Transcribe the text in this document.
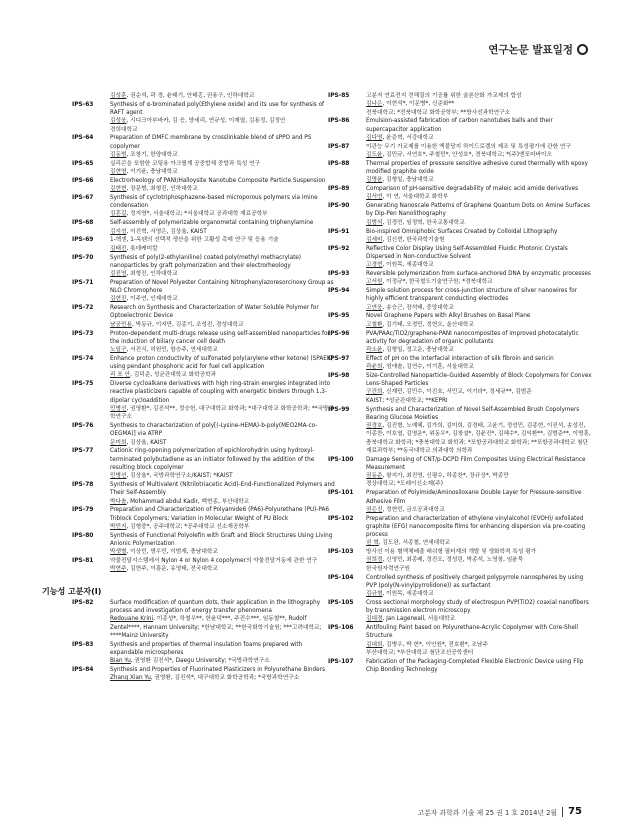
연구논문 발표일정
김성훈, 권순석, 곽 경, 윤태기, 안태홍, 권용구, 인하대학교
IPS-63	Synthesis of α-brominated poly(Ethylene oxide) and its use for synthesis of RAFT agent
김성웅, 시디크아부바카, 김 응, 양세리, 연규성, 이재열, 김용정, 김정안
경희대학교
IPS-64	Preparation of DMFC membrane by crosslinkable blend of sPPO and PS copolymer
김동범, 조창기, 한양대학교
IPS-65	실리콘을 포함한 코팅용 아크릴계 공중합체 중합과 특성 연구
김현영, 이기윤, 충남대학교
IPS-66	Electrorheology of PANI/Halloysite Nanotube Composite Particle Suspension
김현현, 장문범, 최형진, 인하대학교
IPS-67	Synthesis of cyclotriphosphazene-based microporous polymers via imine condensation
김혼길, 정지영*, 서울대학교; *서울대학교 공과대학 재료공학부
IPS-68	Self-assembly of polymerizable organometal containing triphenylamine
김지성, 이진혁, 서영은, 김상율, KAIST
IPS-69	1-헥센, 1-옥텐의 선택적 생산을 위한 고활성 촉매 연구 및 응용 기술
김태진, 롯데케미칼
IPS-70	Synthesis of poly(2-ethylaniline) coated poly(methyl methacrylate) nanoparticles by graft polymerization and their electrorheology
김진영, 최형진, 인하대학교
IPS-71	Preparation of Novel Polyester Containing Nitrophenylazoresorcinoxy Group as NLO Chromophore
김현진, 이주연, 인제대학교
IPS-72	Research on Synthesis and Characterization of Water Soluble Polymer for Optoelectronic Device
남궁민용, 박동규, 이지만, 김종기, 조성진, 경성대학교
IPS-73	Proton-dependent multi-drugs release using self-assembled nanoparticles for the induction of biliary cancer cell death
노일구, 서진식, 허원민, 함승주, 연세대학교
IPS-74	Enhance proton conductivity of sulfonated poly(arylene ether ketone) (SPAEK) using pendant phosphoric acid for fuel cell application
리 포 안, 김덕준, 성균관대학교 화학공학과
IPS-75	Diverse cycloalkane derivatives with high ring-strain energies integrated into reactive plasticizers capable of coupling with energetic binders through 1,3-dipolar cycloaddition
민병선, 권영환*, 김진석**, 정승헌, 대구대학교 화학과; *대구대학교 화학공학과; **국방과학연구소
IPS-76	Synthesis to characterization of poly[(-Lysine-HEMA)-b-poly(MEO2MA-co-OEGMA)] via ATRP
문미희, 김상율, KAIST
IPS-77	Cationic ring-opening polymerization of epichlorohydrin using hydroxyl-terminated polybutadiene as an initiator followed by the addition of the resulting block copolymer
민병선, 김상율*, 국방과학연구소/KAIST; *KAIST
IPS-78	Synthesis of Multivalent (Nitrilotriacetic Acid)-End-Functionalized Polymers and Their Self-Assembly
박다솔, Mohammad abdul Kadir, 백현종, 부산대학교
IPS-79	Preparation and Characterization of Polyamide6 (PA6)-Polyurethane (PU)-PA6 Triblock Copolymers; Variation in Molecular Weight of PU Block
박민지, 김형중*, 공주대학교; *공주대학교 신소재공학부
IPS-80	Synthesis of Functional Polyolefin with Graft and Block Structures Using Living Anionic Polymerization
박샛별, 이상민, 명우민, 이범재, 충남대학교
IPS-81	약물전달시스템에서 Nylon 4 or Nylon 4 copolymer의 약물전달거동에 관한 연구
박현주, 김현주, 이흥운, 유영태, 전국대학교
기능성 고분자(I)
IPS-82	Surface modification of quantum dots, their application in the lithography process and investigation of energy transfer phenomena
Redouane Krini, 이종성*, 하철우**, 한윤덕***, 주진수***, 임동철**, Rudolf Zentel****, Hannam University; *한남대학교; **한국화학기술원; ***고려대학교; ****Mainz University
IPS-83	Synthesis and properties of thermal insulation foams prepared with expandable microspheres
Bian Yu, 권영환 김진석*, Daegu University; *국방과학연구소
IPS-84	Synthesis and Properties of Fluorinated Plasticizers in Polyurethane Binders
Zhang Xian Yu, 권영환, 김진석*, 대구대학교 화학공학과; *국방과학연구소
IPS-85	고분자 연료전지 전해질의 기공률 위한 술폰산화 가교제의 합성
김나은, 이현석*, 이문병*, 신준화**
전북대학교; *전북대학교 화학공학부; **방사선과학연구소
IPS-86	Emulsion-assisted fabrication of carbon nanotubes balls and their supercapacitor application
김다영, 윤준혁, 서강대학교
IPS-87	이관능 무기 가교제를 이용한 액불당지 하이드로겔의 제조 및 특성평가에 관한 연구
김도윤, 김민규, 서연호*, 주철민*, 안성호*, 경북대학교; *(주)엔포어바이오
IPS-88	Thermal properties of pressure sensitive adhesive cured thermally with epoxy modified graphite oxide
김명윤, 김형일, 충남대학교
IPS-89	Comparison of pH-sensitive degradability of maleic acid amide derivatives
김서연, 이 연, 서울대학교 화학부
IPS-90	Generating Nanoscale Patterns of Graphene Quantum Dots on Amine Surfaces by Dip-Pen Nanolithography
김범석, 김경민, 임정혁, 한국교통대학교
IPS-91	Bio-inspired Omniphobic Surfaces Created by Colloidal Lithography
김세비, 김신현, 한국과학기술원
IPS-92	Reflective Color Display Using Self-Assembled Fluidic Photonic Crystals Dispersed in Non-conductive Solvent
고경현, 이원목, 세종대학교
IPS-93	Reversible polymerization from surface-anchored DNA by enzymatic processes
고서원, 이정규*, 한국철도기술연구원; *경북대학교
IPS-94	Simple solution process for cross-junction structure of silver nanowires for highly efficient transparent conducting electrodes
고연웅, 송승근, 장석태, 중앙대학교
IPS-95	Novel Graphene Papers with Alkyl Brushes on Basal Plane
고철환, 김기태, 오경민, 정현오, 울산대학교
IPS-96	PVA/PAAc/TiO2/graphene-PANI nanocomposites of improved photocatalytic activity for degradation of organic pollutants
곽소윤, 김형일, 정고운, 충남대학교
IPS-97	Effect of pH on the interfacial interaction of silk fibroin and sericin
곽윤희, 엄애솔, 김연수, 이기훈, 서울대학교
IPS-98	Size-Controlled Nanoparticle-Guided Assembly of Block Copolymers for Convex Lens-Shaped Particles
구건희, 신재민, 김민수, 이진호, 서민교, 이기라*, 정세규**, 김범준
KAIST; *성균관대학교; **KEPRI
IPS-99	Synthesis and Characterization of Novel Self-Assembled Brush Copolymers Bearing Glucose Moieties
권경호, 김진형, 노예혜, 김가희, 김미희, 김경태, 고윤기, 정성민, 김종현, 이진석, 송성진, 이종찬, 이호열, 김영운*, 위동우*, 김창설*, 김윤진*, 김혜수*, 김익환**, 김범준**, 이명훈, 충북대학교 화학과; *충북대학교 화학과; *포항공과대학교 화학과; **포항공과대학교 첨단재료과학부; **동국대학교 의과대학 의학과
IPS-100	Damage Sensing of CNT/p-DCPD Film Composites Using Electrical Resistance Measurement
권동준, 왕지가, 최진영, 신평수, 하종찬*, 장규상*, 박종만
경상대학교; *도레이신소재(주)
IPS-101	Preparation of Polyimide/Aminosiloxane Double Layer for Pressure-sensitive Adhesive Film
권은진, 정현민, 금오공과대학교
IPS-102	Preparation and characterization of ethylene vinylalcohol (EVOH)/ exfoliated graphite (EFG) nanocomposite films for enhancing dispersion via pre-coating process
권 혁, 김도완, 서종철, 연세대학교
IPS-103	방사선 이용 혈액체배출 래쉬형 필터재의 개발 및 생화학적 특성 평가
권희정, 신영민, 최종배, 정진오, 정성린, 박종석, 노영창, 임윤묵
한국원자력연구원
IPS-104	Controlled synthesis of positively charged polypyrrole nanospheres by using PVP (poly(N-vinylpyrrolidone)) as surfactant
김규형, 이원목, 세종대학교
IPS-105	Cross sectional morphology study of electrospun PVP(TiO2) coaxial nanofibers by transmission electron microscopy
김대경, Jan Lagerwall, 서울대학교
IPS-106	Antifouling Paint based on Polyurethane-Acrylic Copolymer with Core-Shell Structure
김대희, 김병우, 박 현*, 이인원*, 전호환*, 조남주
부산대학교; *부산대학교 첨단조선공학센터
IPS-107	Fabrication of the Packaging-Completed Flexible Electronic Device using Flip Chip Bonding Technology
고분자 과학과 기술 제 25 권 1 호 2014년 2월 75
